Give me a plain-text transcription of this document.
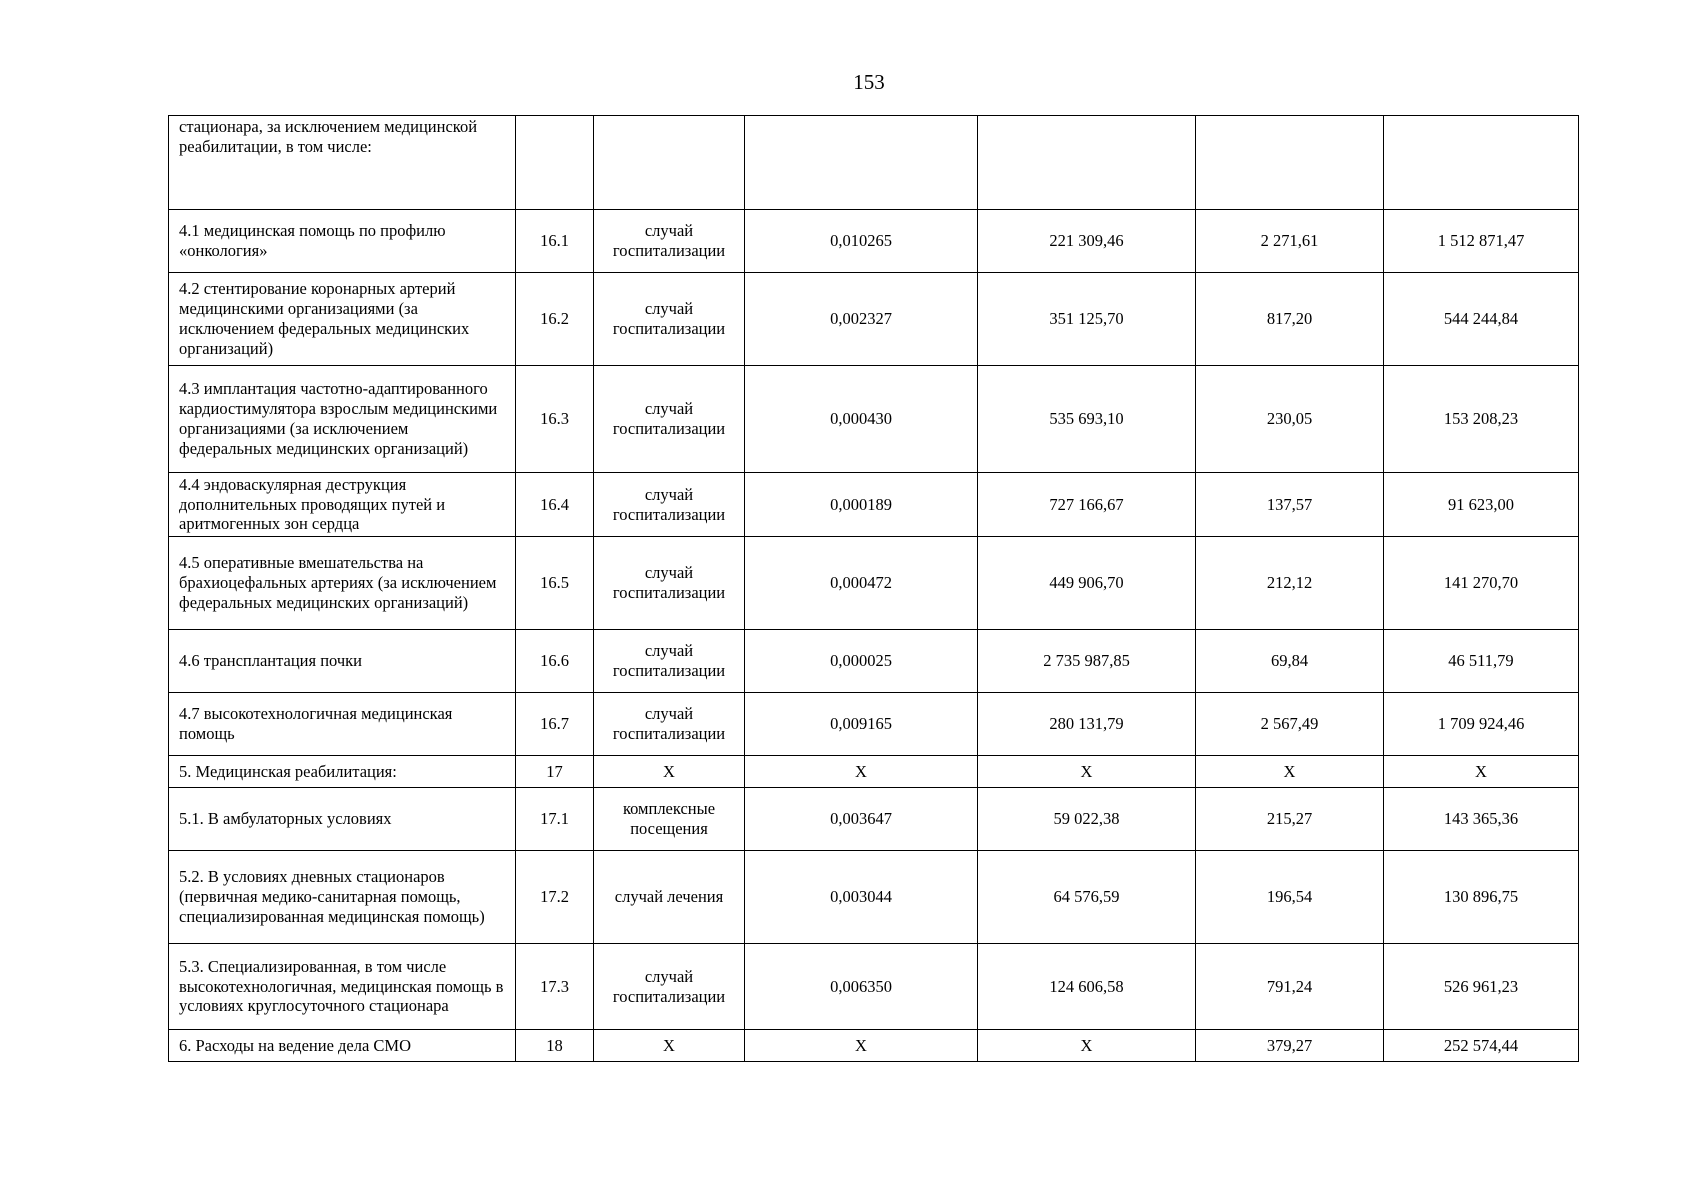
153
стационара, за исключением медицинской реабилитации, в том числе:						
4.1 медицинская помощь по профилю «онкология»	16.1	случай госпитализации	0,010265	221 309,46	2 271,61	1 512 871,47
4.2 стентирование коронарных артерий медицинскими организациями (за исключением федеральных медицинских организаций)	16.2	случай госпитализации	0,002327	351 125,70	817,20	544 244,84
4.3 имплантация частотно-адаптированного кардиостимулятора взрослым медицинскими организациями (за исключением федеральных медицинских организаций)	16.3	случай госпитализации	0,000430	535 693,10	230,05	153 208,23
4.4 эндоваскулярная деструкция дополнительных проводящих путей и аритмогенных зон сердца	16.4	случай госпитализации	0,000189	727 166,67	137,57	91 623,00
4.5 оперативные вмешательства на брахиоцефальных артериях (за исключением федеральных медицинских организаций)	16.5	случай госпитализации	0,000472	449 906,70	212,12	141 270,70
4.6 трансплантация почки	16.6	случай госпитализации	0,000025	2 735 987,85	69,84	46 511,79
4.7 высокотехнологичная медицинская помощь	16.7	случай госпитализации	0,009165	280 131,79	2 567,49	1 709 924,46
5. Медицинская реабилитация:	17	Х	Х	Х	Х	Х
5.1. В амбулаторных условиях	17.1	комплексные посещения	0,003647	59 022,38	215,27	143 365,36
5.2. В условиях дневных стационаров (первичная медико-санитарная помощь, специализированная медицинская помощь)	17.2	случай лечения	0,003044	64 576,59	196,54	130 896,75
5.3. Специализированная, в том числе высокотехнологичная, медицинская помощь в условиях круглосуточного стационара	17.3	случай госпитализации	0,006350	124 606,58	791,24	526 961,23
6. Расходы на ведение дела СМО	18	Х	Х	Х	379,27	252 574,44
